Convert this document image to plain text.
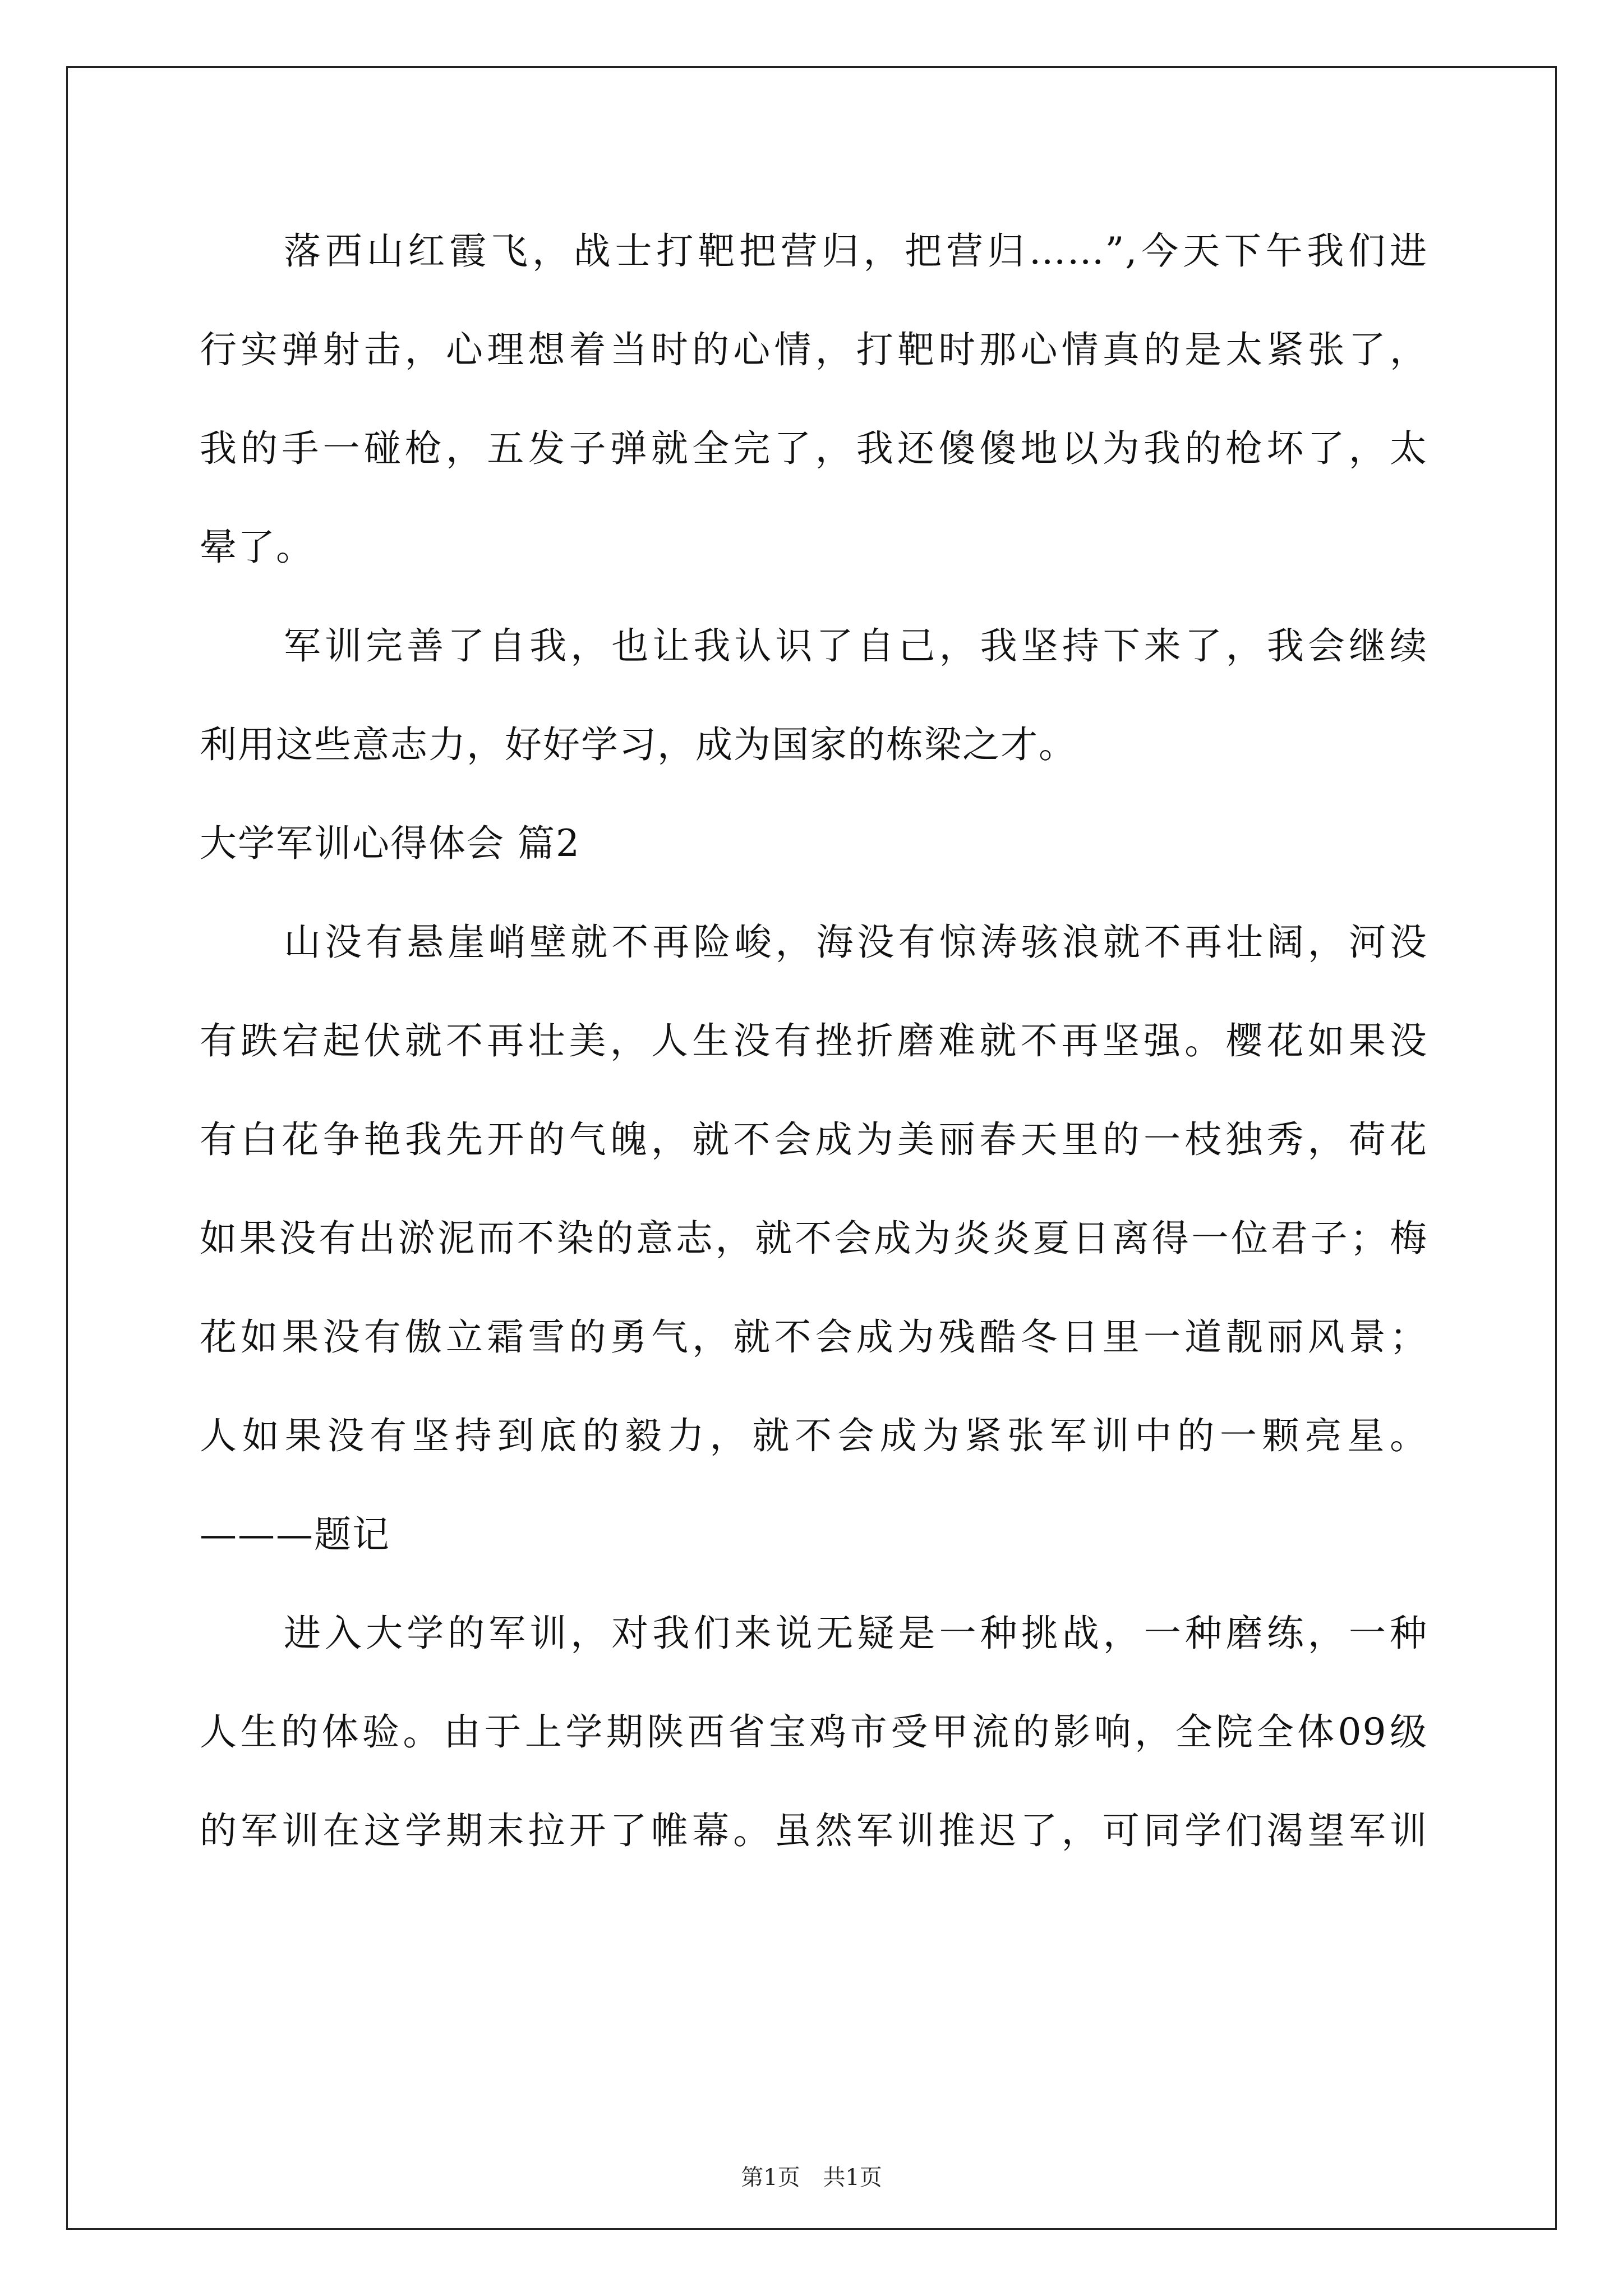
落西山红霞飞，战士打靶把营归，把营归……”,今天下午我们进
行实弹射击，心理想着当时的心情，打靶时那心情真的是太紧张了，
我的手一碰枪，五发子弹就全完了，我还傻傻地以为我的枪坏了，太
晕了。
军训完善了自我，也让我认识了自己，我坚持下来了，我会继续
利用这些意志力，好好学习，成为国家的栋梁之才。
大学军训心得体会 篇2
山没有悬崖峭壁就不再险峻，海没有惊涛骇浪就不再壮阔，河没
有跌宕起伏就不再壮美，人生没有挫折磨难就不再坚强。樱花如果没
有白花争艳我先开的气魄，就不会成为美丽春天里的一枝独秀，荷花
如果没有出淤泥而不染的意志，就不会成为炎炎夏日离得一位君子；梅
花如果没有傲立霜雪的勇气，就不会成为残酷冬日里一道靓丽风景；
人如果没有坚持到底的毅力，就不会成为紧张军训中的一颗亮星。
———题记
进入大学的军训，对我们来说无疑是一种挑战，一种磨练，一种
人生的体验。由于上学期陕西省宝鸡市受甲流的影响，全院全体09级
的军训在这学期末拉开了帷幕。虽然军训推迟了，可同学们渴望军训
第1页 共1页
